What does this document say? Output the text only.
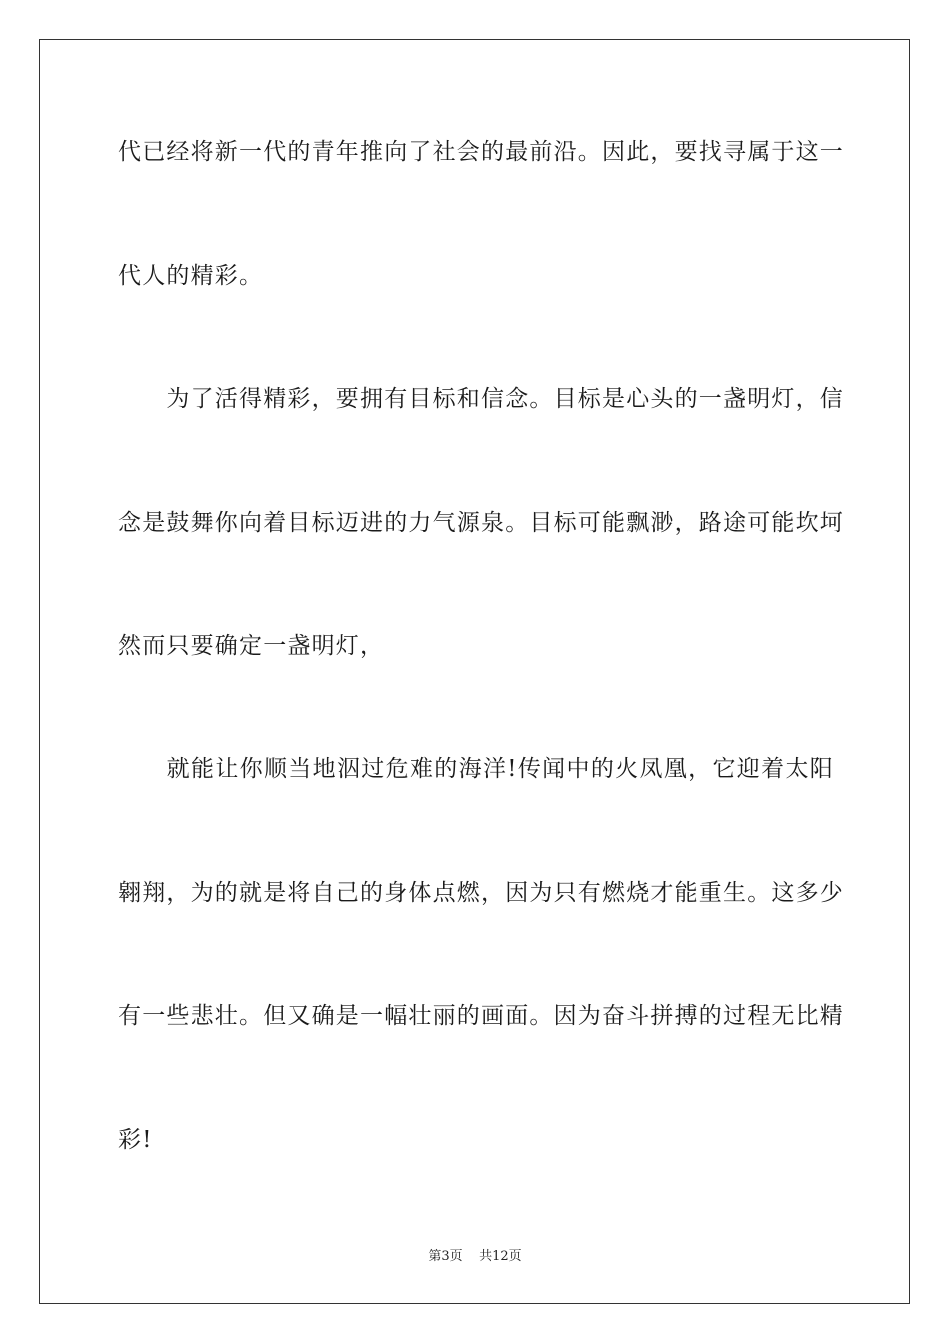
代已经将新一代的青年推向了社会的最前沿。因此，要找寻属于这一
代人的精彩。
　　为了活得精彩，要拥有目标和信念。目标是心头的一盏明灯，信
念是鼓舞你向着目标迈进的力气源泉。目标可能飘渺，路途可能坎坷
然而只要确定一盏明灯，
　　就能让你顺当地泅过危难的海洋!传闻中的火凤凰，它迎着太阳
翱翔，为的就是将自己的身体点燃，因为只有燃烧才能重生。这多少
有一些悲壮。但又确是一幅壮丽的画面。因为奋斗拼搏的过程无比精
彩!
第3页 共12页
